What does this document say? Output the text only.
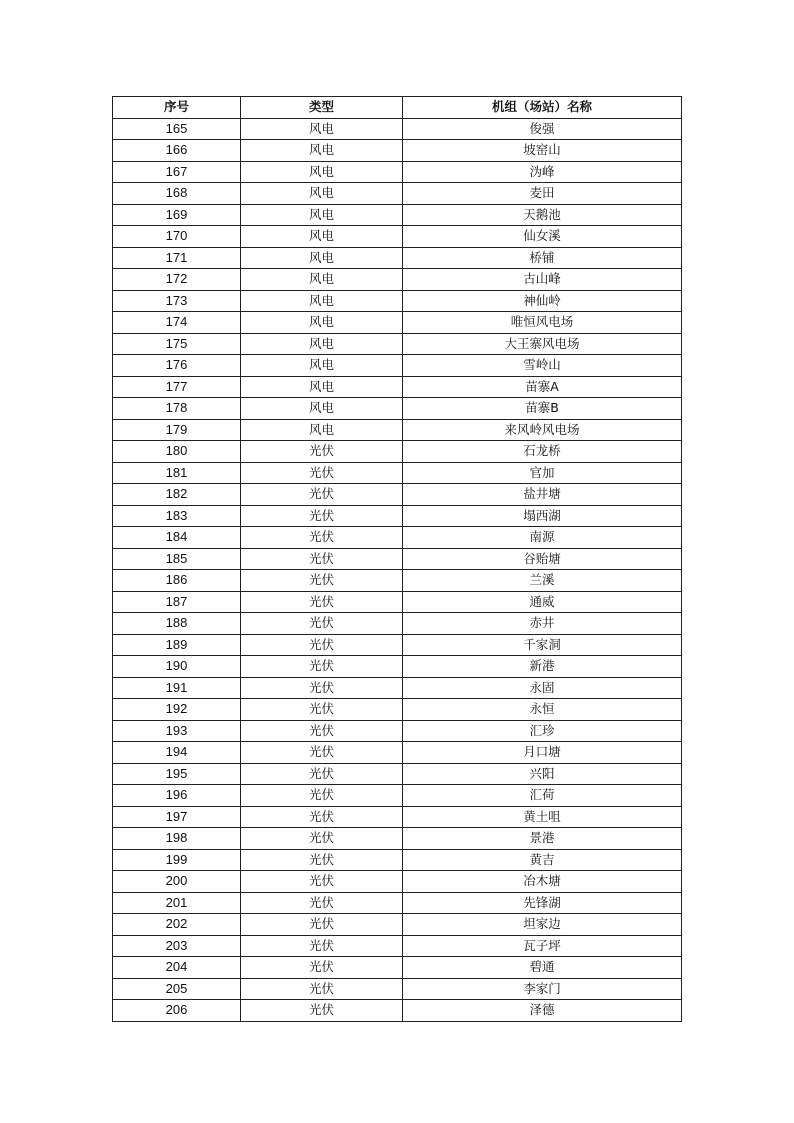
序号	类型	机组（场站）名称
165	风电	俊强
166	风电	坡窑山
167	风电	沩峰
168	风电	麦田
169	风电	天鹅池
170	风电	仙女溪
171	风电	桥铺
172	风电	古山峰
173	风电	神仙岭
174	风电	唯恒风电场
175	风电	大王寨风电场
176	风电	雪岭山
177	风电	苗寨A
178	风电	苗寨B
179	风电	来风岭风电场
180	光伏	石龙桥
181	光伏	官加
182	光伏	盐井塘
183	光伏	塌西湖
184	光伏	南源
185	光伏	谷贻塘
186	光伏	兰溪
187	光伏	通威
188	光伏	赤井
189	光伏	千家洞
190	光伏	新港
191	光伏	永固
192	光伏	永恒
193	光伏	汇珍
194	光伏	月口塘
195	光伏	兴阳
196	光伏	汇荷
197	光伏	黄土咀
198	光伏	景港
199	光伏	黄吉
200	光伏	冶木塘
201	光伏	先锋湖
202	光伏	坦家边
203	光伏	瓦子坪
204	光伏	碧通
205	光伏	李家门
206	光伏	泽德
